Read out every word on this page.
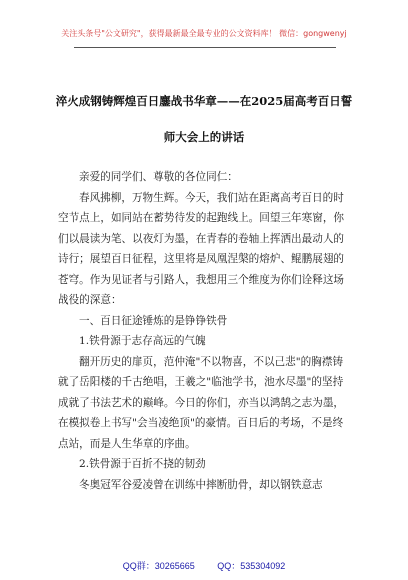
关注头条号"公文研究"，获得最新最全最专业的公文资料库！ 微信：gongwenyj
淬火成钢铸辉煌百日鏖战书华章——在2025届高考百日誓
师大会上的讲话

亲爱的同学们、尊敬的各位同仁：

春风拂柳，万物生辉。今天，我们站在距离高考百日的时空节点上，如同站在蓄势待发的起跑线上。回望三年寒窗，你们以晨读为笔、以夜灯为墨，在青春的卷轴上挥洒出最动人的诗行；展望百日征程，这里将是凤凰涅槃的熔炉、鲲鹏展翅的苍穹。作为见证者与引路人，我想用三个维度为你们诠释这场战役的深意：

一、百日征途锤炼的是铮铮铁骨

1.铁骨源于志存高远的气魄

翻开历史的扉页，范仲淹"不以物喜，不以己悲"的胸襟铸就了岳阳楼的千古绝唱，王羲之"临池学书，池水尽墨"的坚持成就了书法艺术的巅峰。今日的你们，亦当以鸿鹄之志为墨，在模拟卷上书写"会当凌绝顶"的豪情。百日后的考场，不是终点站，而是人生华章的序曲。

2.铁骨源于百折不挠的韧劲

冬奥冠军谷爱凌曾在训练中摔断肋骨，却以钢铁意志

QQ群：30265665	QQ：535304092
